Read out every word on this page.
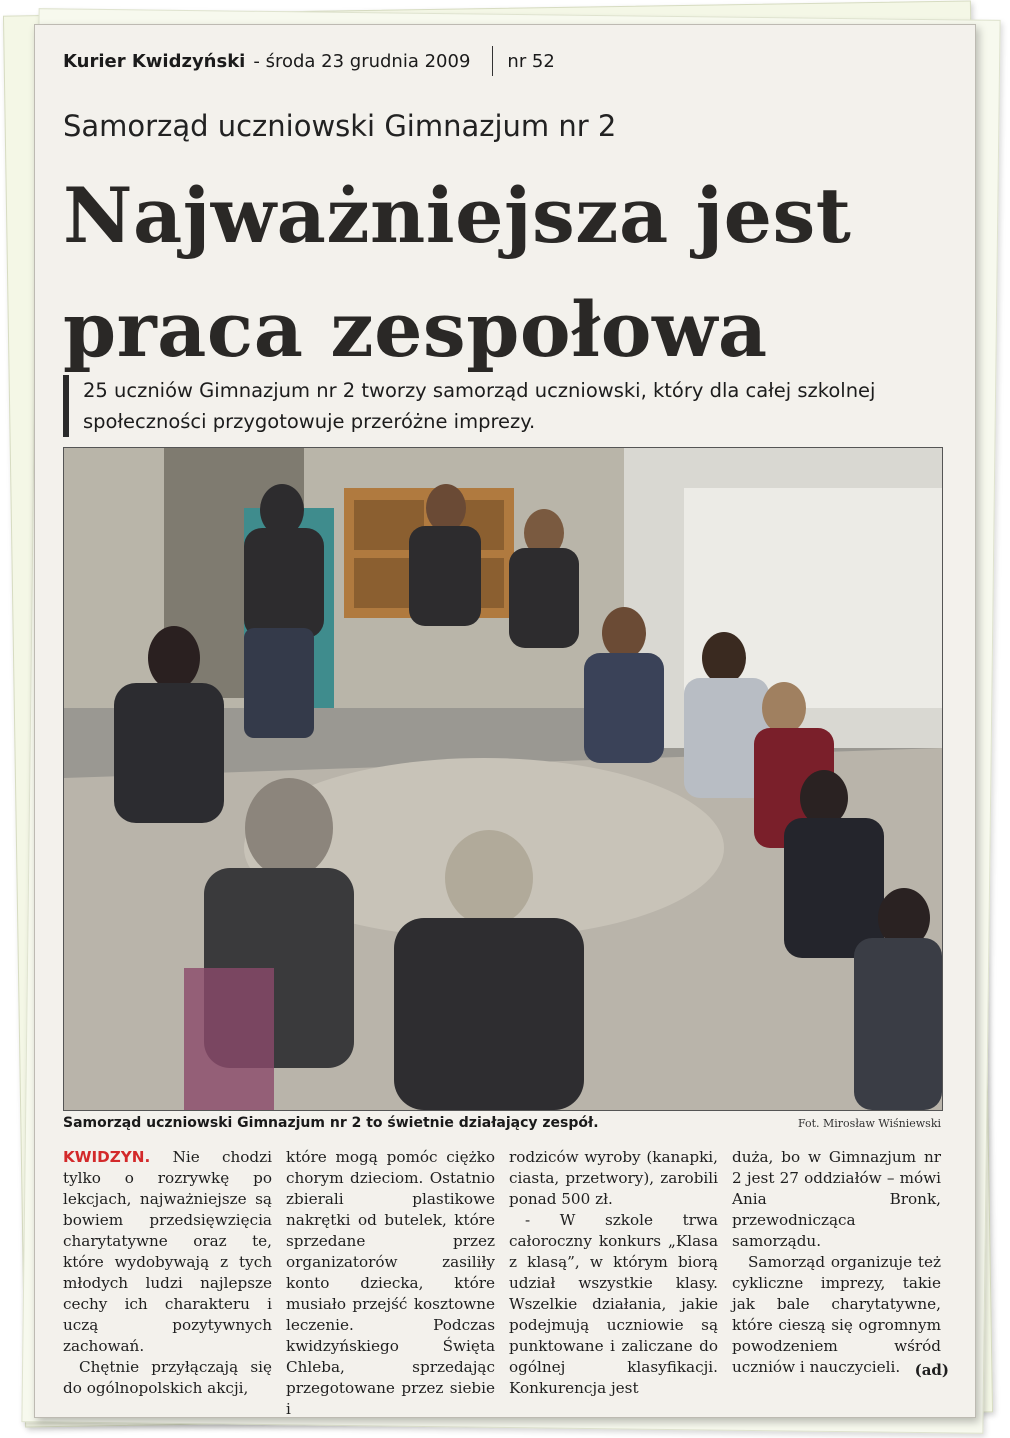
Kurier Kwidzyński - środa 23 grudnia 2009 nr 52
Samorząd uczniowski Gimnazjum nr 2
Najważniejsza jest
praca zespołowa
25 uczniów Gimnazjum nr 2 tworzy samorząd uczniowski, który dla całej szkolnej
społeczności przygotowuje przeróżne imprezy.
Samorząd uczniowski Gimnazjum nr 2 to świetnie działający zespół.	Fot. Mirosław Wiśniewski

KWIDZYN. Nie chodzi tylko o rozrywkę po lekcjach, najważniejsze są bowiem przedsięwzięcia charytatywne oraz te, które wydobywają z tych młodych ludzi najlepsze cechy ich charakteru i uczą pozytywnych zachowań.

Chętnie przyłączają się do ogólnopolskich akcji,

które mogą pomóc ciężko chorym dzieciom. Ostatnio zbierali plastikowe nakrętki od butelek, które sprzedane przez organizatorów zasiliły konto dziecka, które musiało przejść kosztowne leczenie. Podczas kwidzyńskiego Święta Chleba, sprzedając przegotowane przez siebie i

rodziców wyroby (kanapki, ciasta, przetwory), zarobili ponad 500 zł.

- W szkole trwa całoroczny konkurs „Klasa z klasą”, w którym biorą udział wszystkie klasy. Wszelkie działania, jakie podejmują uczniowie są punktowane i zaliczane do ogólnej klasyfikacji. Konkurencja jest

duża, bo w Gimnazjum nr 2 jest 27 oddziałów – mówi Ania Bronk, przewodnicząca samorządu.

Samorząd organizuje też cykliczne imprezy, takie jak bale charytatywne, które cieszą się ogromnym powodzeniem wśród uczniów i nauczycieli. (ad)
